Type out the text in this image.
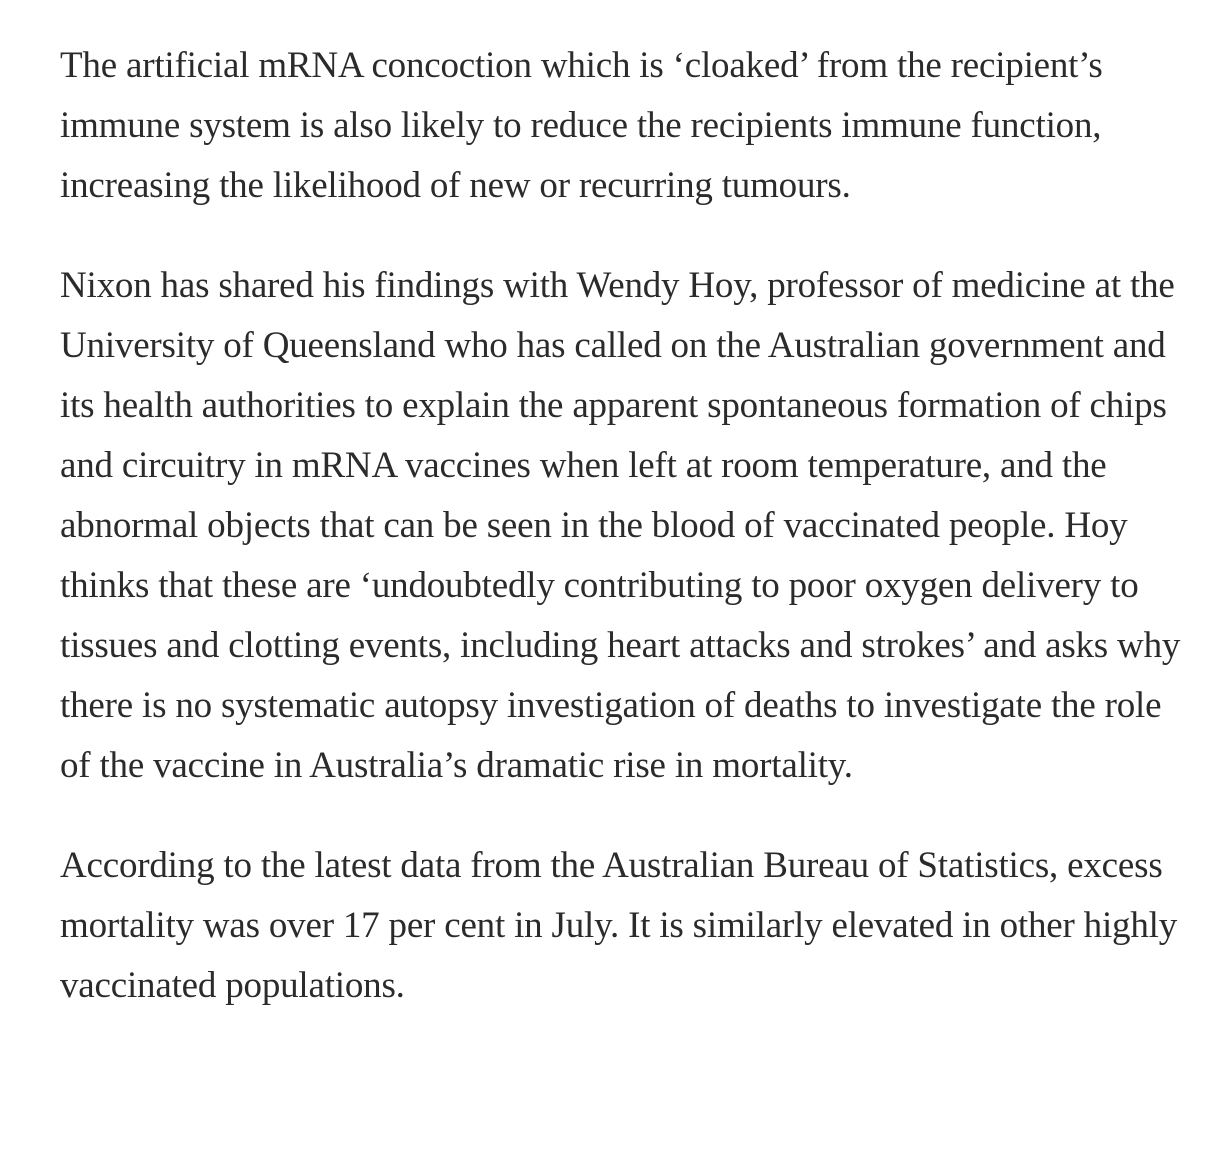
The artificial mRNA concoction which is ‘cloaked’ from the recipient’s immune system is also likely to reduce the recipients immune function, increasing the likelihood of new or recurring tumours.

Nixon has shared his findings with Wendy Hoy, professor of medicine at the University of Queensland who has called on the Australian government and its health authorities to explain the apparent spontaneous formation of chips and circuitry in mRNA vaccines when left at room temperature, and the abnormal objects that can be seen in the blood of vaccinated people. Hoy thinks that these are ‘undoubtedly contributing to poor oxygen delivery to tissues and clotting events, including heart attacks and strokes’ and asks why there is no systematic autopsy investigation of deaths to investigate the role of the vaccine in Australia’s dramatic rise in mortality.

According to the latest data from the Australian Bureau of Statistics, excess mortality was over 17 per cent in July. It is similarly elevated in other highly vaccinated populations.
